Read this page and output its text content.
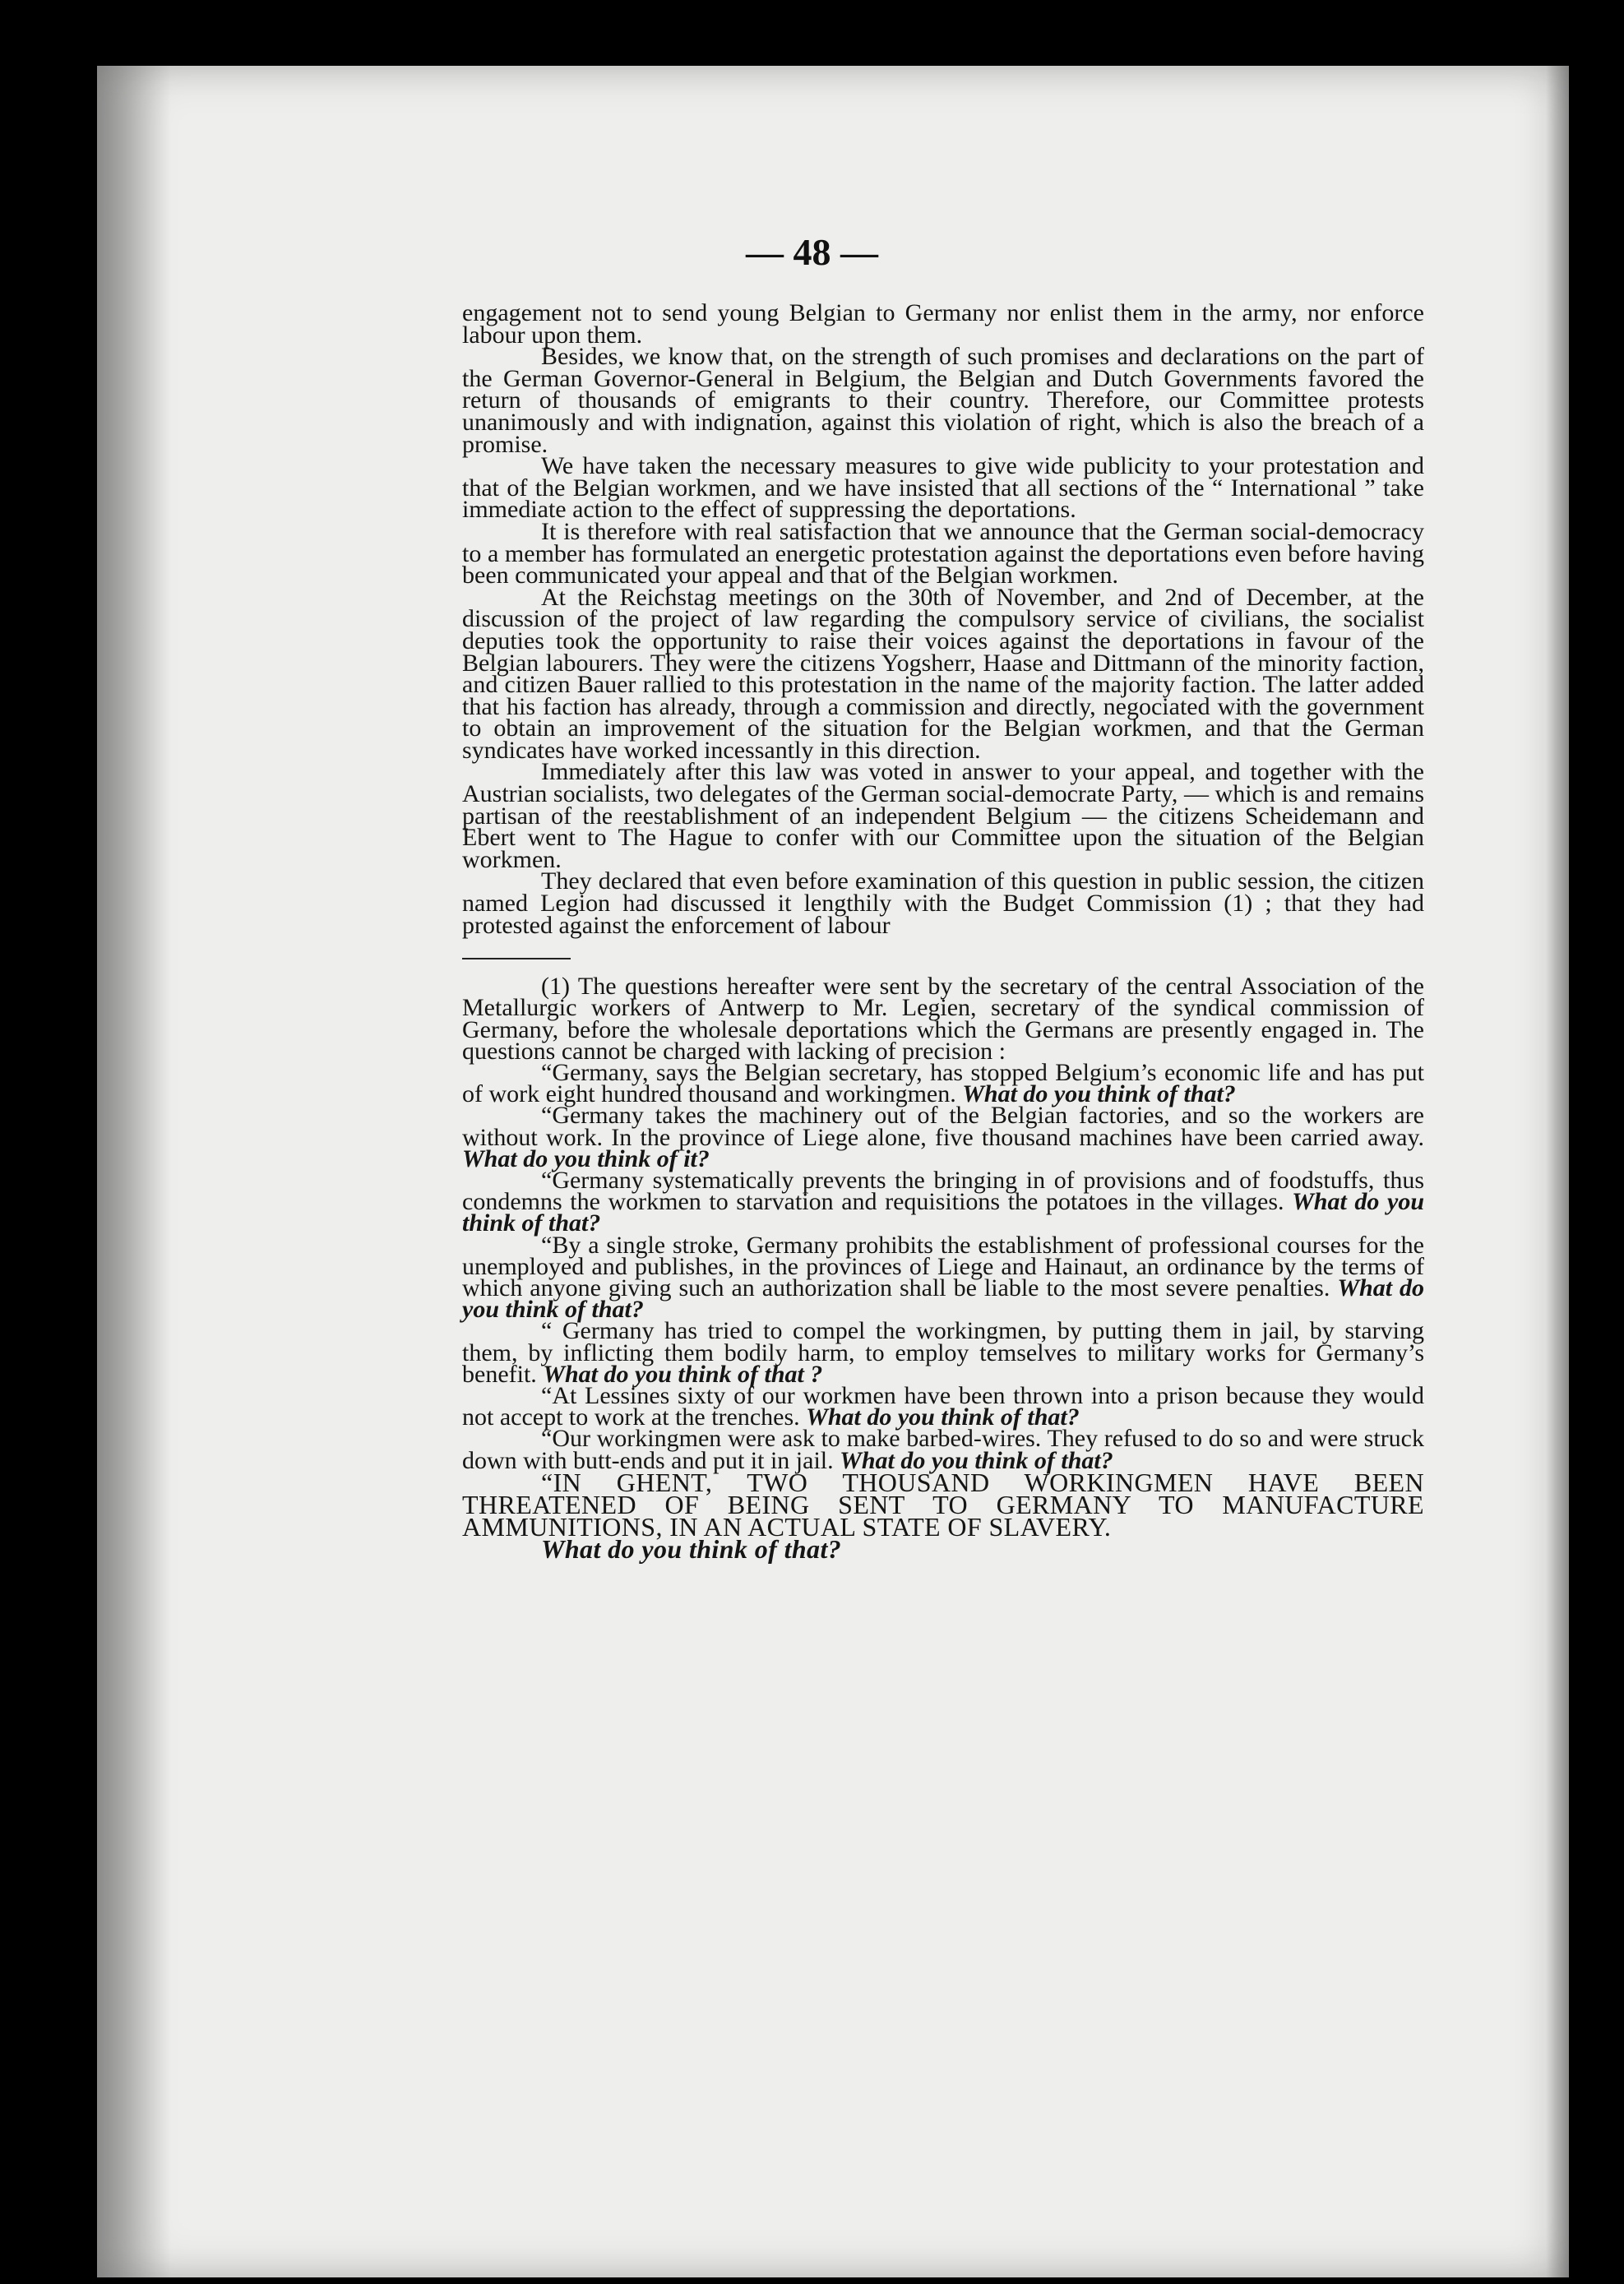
— 48 —

engagement not to send young Belgian to Germany nor enlist them in the army, nor enforce labour upon them.

Besides, we know that, on the strength of such promises and declarations on the part of the German Governor-General in Belgium, the Belgian and Dutch Governments favored the return of thousands of emigrants to their country. Therefore, our Committee protests unanimously and with indignation, against this violation of right, which is also the breach of a promise.

We have taken the necessary measures to give wide publicity to your protestation and that of the Belgian workmen, and we have insisted that all sections of the “ International ” take immediate action to the effect of suppressing the deportations.

It is therefore with real satisfaction that we announce that the German social-democracy to a member has formulated an energetic protestation against the deportations even before having been communicated your appeal and that of the Belgian workmen.

At the Reichstag meetings on the 30th of November, and 2nd of December, at the discussion of the project of law regarding the compulsory service of civilians, the socialist deputies took the opportunity to raise their voices against the deportations in favour of the Belgian labourers. They were the citizens Yogsherr, Haase and Dittmann of the minority faction, and citizen Bauer rallied to this protestation in the name of the majority faction. The latter added that his faction has already, through a commission and directly, negociated with the government to obtain an improvement of the situation for the Belgian workmen, and that the German syndicates have worked incessantly in this direction.

Immediately after this law was voted in answer to your appeal, and together with the Austrian socialists, two delegates of the German social-democrate Party, — which is and remains partisan of the reestablishment of an independent Belgium — the citizens Scheidemann and Ebert went to The Hague to confer with our Committee upon the situation of the Belgian workmen.

They declared that even before examination of this question in public session, the citizen named Legion had discussed it lengthily with the Budget Commission (1) ; that they had protested against the enforcement of labour

(1) The questions hereafter were sent by the secretary of the central Association of the Metallurgic workers of Antwerp to Mr. Legien, secretary of the syndical commission of Germany, before the wholesale deportations which the Germans are presently engaged in. The questions cannot be charged with lacking of precision :

“Germany, says the Belgian secretary, has stopped Belgium’s economic life and has put of work eight hundred thousand and workingmen. What do you think of that?

“Germany takes the machinery out of the Belgian factories, and so the workers are without work. In the province of Liege alone, five thousand machines have been carried away. What do you think of it?

“Germany systematically prevents the bringing in of provisions and of foodstuffs, thus condemns the workmen to starvation and requisitions the potatoes in the villages. What do you think of that?

“By a single stroke, Germany prohibits the establishment of professional courses for the unemployed and publishes, in the provinces of Liege and Hainaut, an ordinance by the terms of which anyone giving such an authorization shall be liable to the most severe penalties. What do you think of that?

“ Germany has tried to compel the workingmen, by putting them in jail, by starving them, by inflicting them bodily harm, to employ temselves to military works for Germany’s benefit. What do you think of that ?

“At Lessines sixty of our workmen have been thrown into a prison because they would not accept to work at the trenches. What do you think of that?

“Our workingmen were ask to make barbed-wires. They refused to do so and were struck down with butt-ends and put it in jail. What do you think of that?

“IN GHENT, TWO THOUSAND WORKINGMEN HAVE BEEN THREATENED OF BEING SENT TO GERMANY TO MANUFACTURE AMMUNITIONS, IN AN ACTUAL STATE OF SLAVERY.
What do you think of that?
